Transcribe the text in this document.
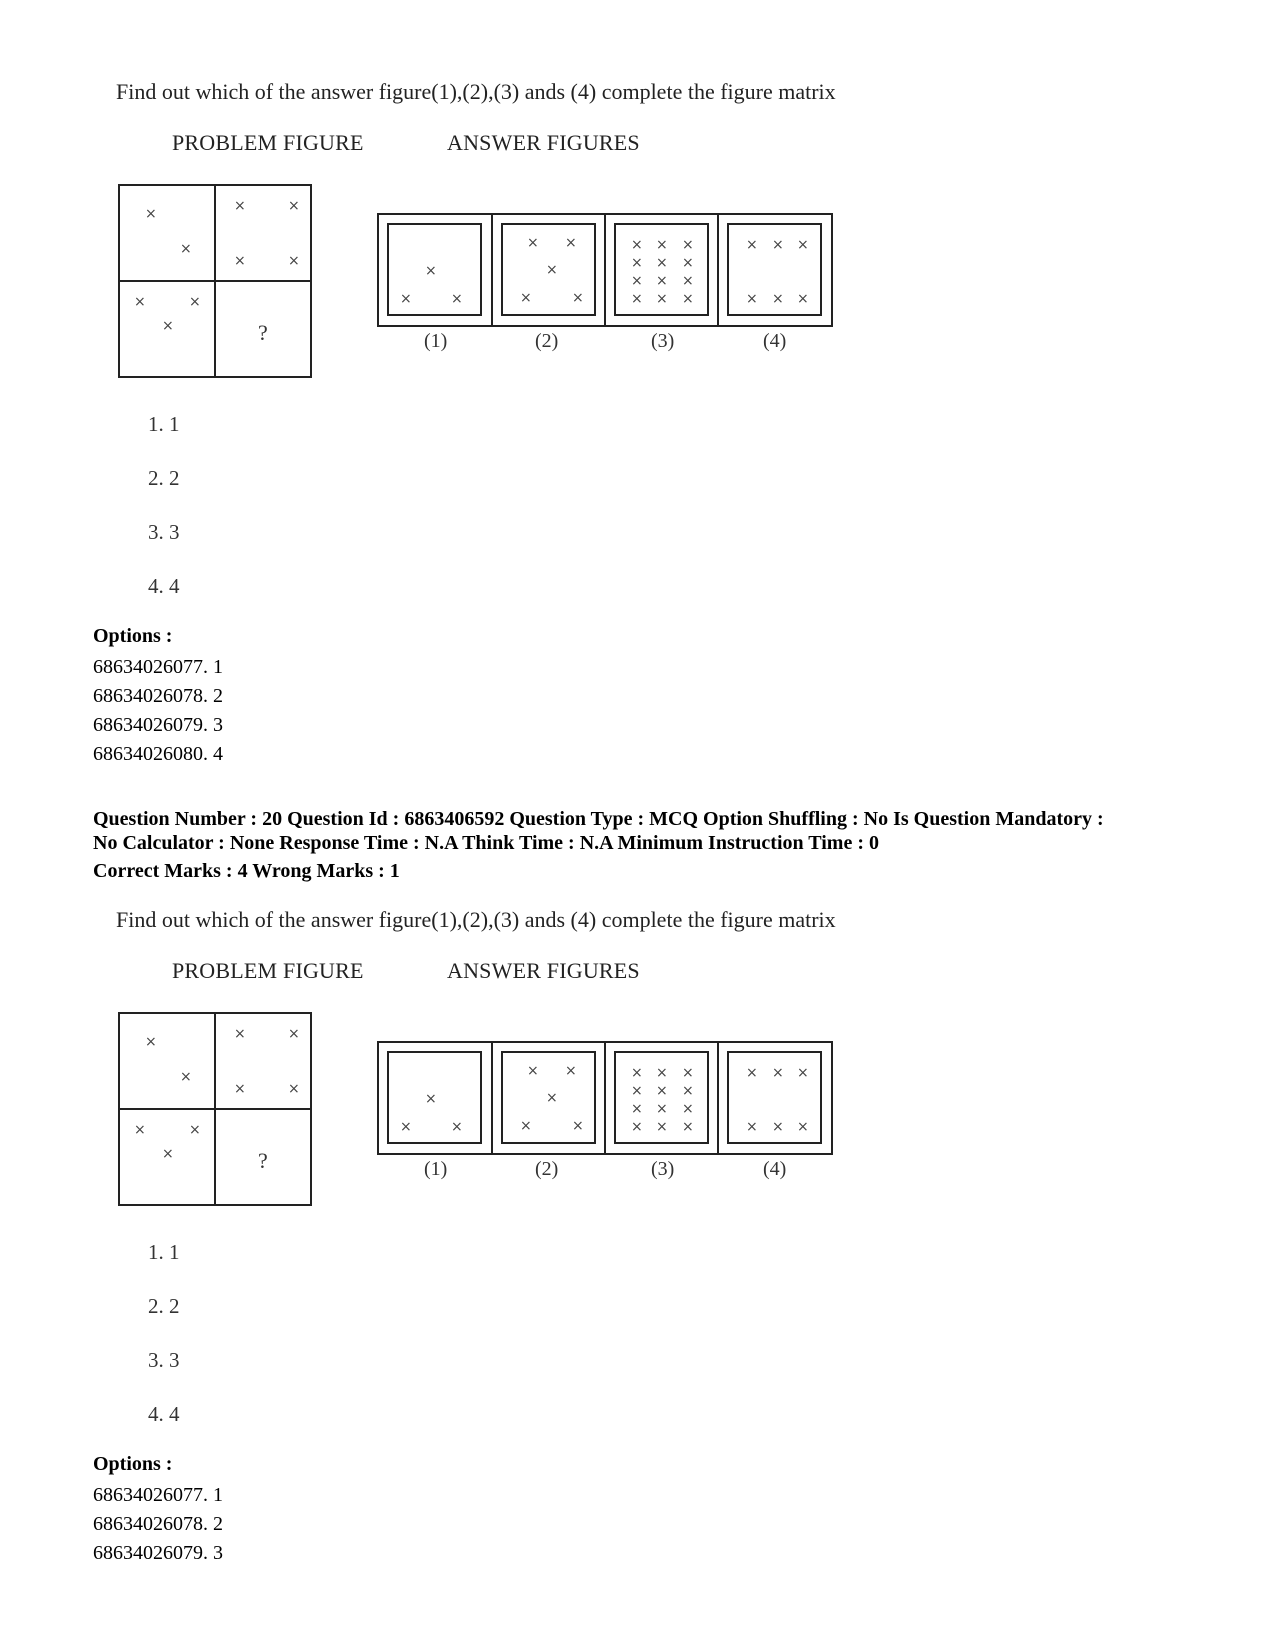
Find out which of the answer figure(1),(2),(3) ands (4) complete the figure matrix
PROBLEM FIGURE	ANSWER FIGURES
×
×
×	×
×	×
×	×
×	?
×
×	×
× ×
×
×	×
× × ×
× × ×
× × ×
× × ×
× × ×
× × ×
(1)	(2)	(3)	(4)
1. 1
2. 2
3. 3
4. 4
Options :
68634026077. 1
68634026078. 2
68634026079. 3
68634026080. 4
Question Number : 20 Question Id : 6863406592 Question Type : MCQ Option Shuffling : No Is Question Mandatory :
No Calculator : None Response Time : N.A Think Time : N.A Minimum Instruction Time : 0
Correct Marks : 4 Wrong Marks : 1
Find out which of the answer figure(1),(2),(3) ands (4) complete the figure matrix
PROBLEM FIGURE	ANSWER FIGURES
×
×
×	×
×	×
×	×
×	?
×
×	×
× ×
×
×	×
× × ×
× × ×
× × ×
× × ×
× × ×
× × ×
(1)	(2)	(3)	(4)
1. 1
2. 2
3. 3
4. 4
Options :
68634026077. 1
68634026078. 2
68634026079. 3
